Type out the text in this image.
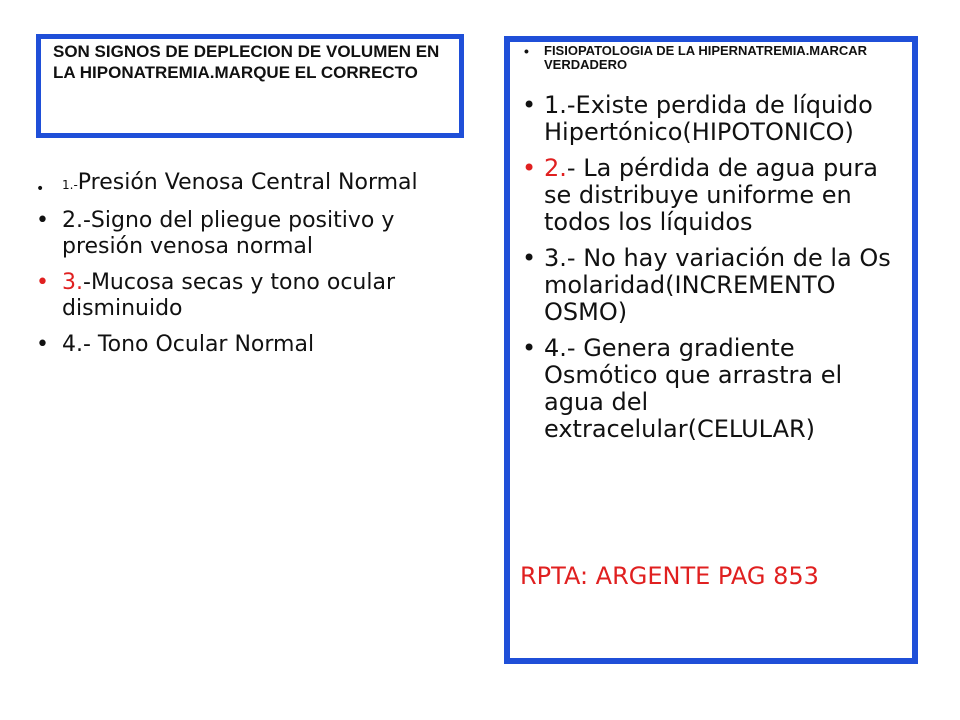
SON SIGNOS DE DEPLECION DE VOLUMEN EN LA HIPONATREMIA.MARQUE EL CORRECTO
• 1.-Presión Venosa Central Normal
• 2.-Signo del pliegue positivo y presión venosa normal
• 3.-Mucosa secas y tono ocular disminuido
• 4.- Tono Ocular Normal
• FISIOPATOLOGIA DE LA HIPERNATREMIA.MARCAR VERDADERO
• 1.-Existe perdida de líquido Hipertónico(HIPOTONICO)
• 2.- La pérdida de agua pura se distribuye uniforme en todos los líquidos
• 3.- No hay variación de la Os molaridad(INCREMENTO OSMO)
• 4.- Genera gradiente Osmótico que arrastra el agua del extracelular(CELULAR)
RPTA: ARGENTE PAG 853
